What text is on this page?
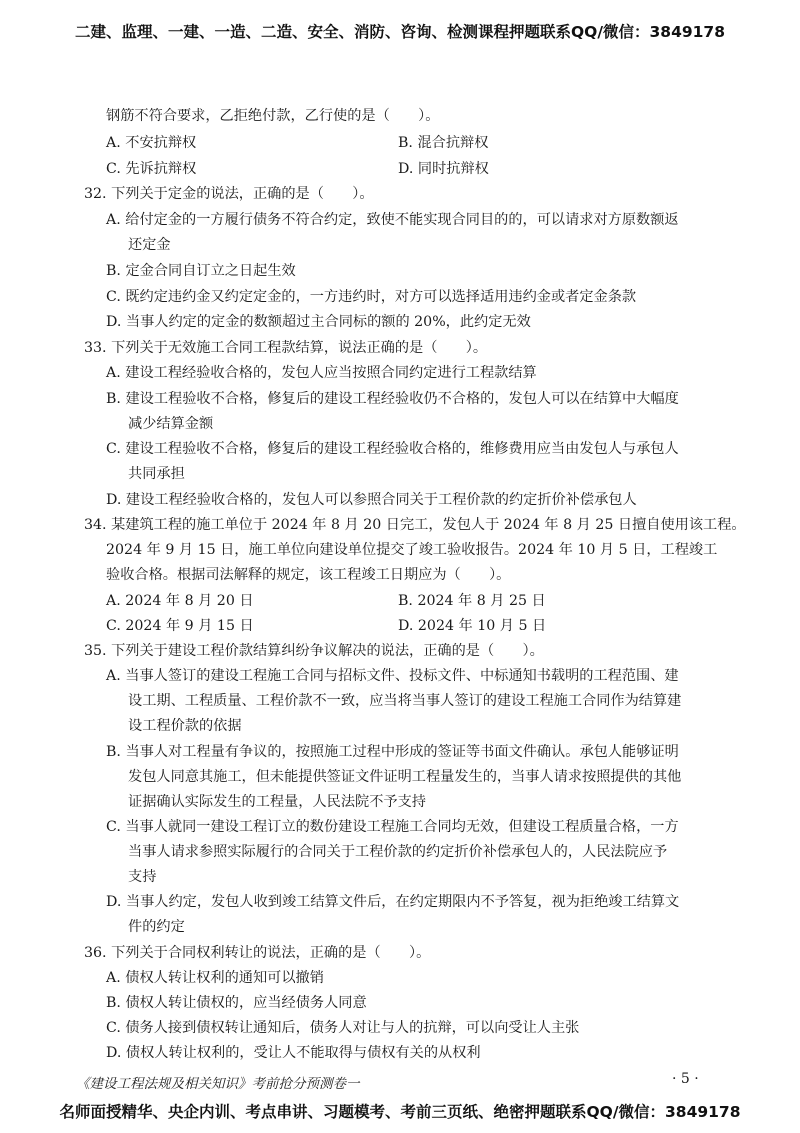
二建、监理、一建、一造、二造、安全、消防、咨询、检测课程押题联系QQ/微信：3849178
​
钢筋不符合要求，乙拒绝付款，乙行使的是（　　）。
A. 不安抗辩权	B. 混合抗辩权
C. 先诉抗辩权	D. 同时抗辩权
32. 下列关于定金的说法，正确的是（　　）。
A. 给付定金的一方履行债务不符合约定，致使不能实现合同目的的，可以请求对方原数额返
还定金
B. 定金合同自订立之日起生效
C. 既约定违约金又约定定金的，一方违约时，对方可以选择适用违约金或者定金条款
D. 当事人约定的定金的数额超过主合同标的额的 20%，此约定无效
33. 下列关于无效施工合同工程款结算，说法正确的是（　　）。
A. 建设工程经验收合格的，发包人应当按照合同约定进行工程款结算
B. 建设工程验收不合格，修复后的建设工程经验收仍不合格的，发包人可以在结算中大幅度
减少结算金额
C. 建设工程验收不合格，修复后的建设工程经验收合格的，维修费用应当由发包人与承包人
共同承担
D. 建设工程经验收合格的，发包人可以参照合同关于工程价款的约定折价补偿承包人
34. 某建筑工程的施工单位于 2024 年 8 月 20 日完工，发包人于 2024 年 8 月 25 日擅自使用该工程。
2024 年 9 月 15 日，施工单位向建设单位提交了竣工验收报告。2024 年 10 月 5 日，工程竣工
验收合格。根据司法解释的规定，该工程竣工日期应为（　　）。
A. 2024 年 8 月 20 日	B. 2024 年 8 月 25 日
C. 2024 年 9 月 15 日	D. 2024 年 10 月 5 日
35. 下列关于建设工程价款结算纠纷争议解决的说法，正确的是（　　）。
A. 当事人签订的建设工程施工合同与招标文件、投标文件、中标通知书载明的工程范围、建
设工期、工程质量、工程价款不一致，应当将当事人签订的建设工程施工合同作为结算建
设工程价款的依据
B. 当事人对工程量有争议的，按照施工过程中形成的签证等书面文件确认。承包人能够证明
发包人同意其施工，但未能提供签证文件证明工程量发生的，当事人请求按照提供的其他
证据确认实际发生的工程量，人民法院不予支持
C. 当事人就同一建设工程订立的数份建设工程施工合同均无效，但建设工程质量合格，一方
当事人请求参照实际履行的合同关于工程价款的约定折价补偿承包人的，人民法院应予
支持
D. 当事人约定，发包人收到竣工结算文件后，在约定期限内不予答复，视为拒绝竣工结算文
件的约定
36. 下列关于合同权利转让的说法，正确的是（　　）。
A. 债权人转让权利的通知可以撤销
B. 债权人转让债权的，应当经债务人同意
C. 债务人接到债权转让通知后，债务人对让与人的抗辩，可以向受让人主张
D. 债权人转让权利的，受让人不能取得与债权有关的从权利
《建设工程法规及相关知识》考前抢分预测卷一	· 5 ·
名师面授精华、央企内训、考点串讲、习题模考、考前三页纸、绝密押题联系QQ/微信：3849178
